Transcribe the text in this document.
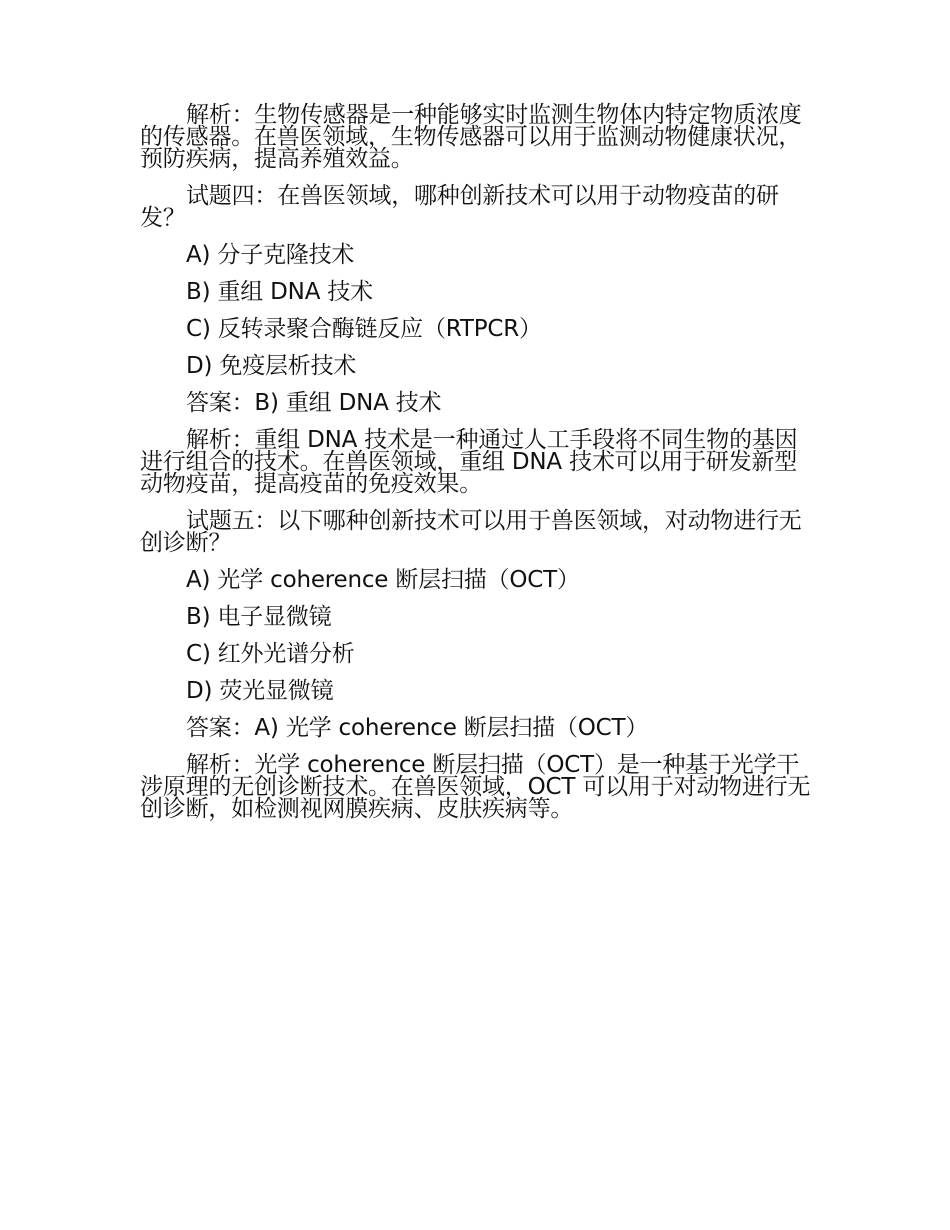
解析：生物传感器是一种能够实时监测生物体内特定物质浓度的传感器。在兽医领域，生物传感器可以用于监测动物健康状况，预防疾病，提高养殖效益。

试题四：在兽医领域，哪种创新技术可以用于动物疫苗的研发？

A) 分子克隆技术

B) 重组 DNA 技术

C) 反转录聚合酶链反应（RTPCR）

D) 免疫层析技术

答案：B) 重组 DNA 技术

解析：重组 DNA 技术是一种通过人工手段将不同生物的基因进行组合的技术。在兽医领域，重组 DNA 技术可以用于研发新型动物疫苗，提高疫苗的免疫效果。

试题五：以下哪种创新技术可以用于兽医领域，对动物进行无创诊断？

A) 光学 coherence 断层扫描（OCT）

B) 电子显微镜

C) 红外光谱分析

D) 荧光显微镜

答案：A) 光学 coherence 断层扫描（OCT）

解析：光学 coherence 断层扫描（OCT）是一种基于光学干涉原理的无创诊断技术。在兽医领域，OCT 可以用于对动物进行无创诊断，如检测视网膜疾病、皮肤疾病等。
